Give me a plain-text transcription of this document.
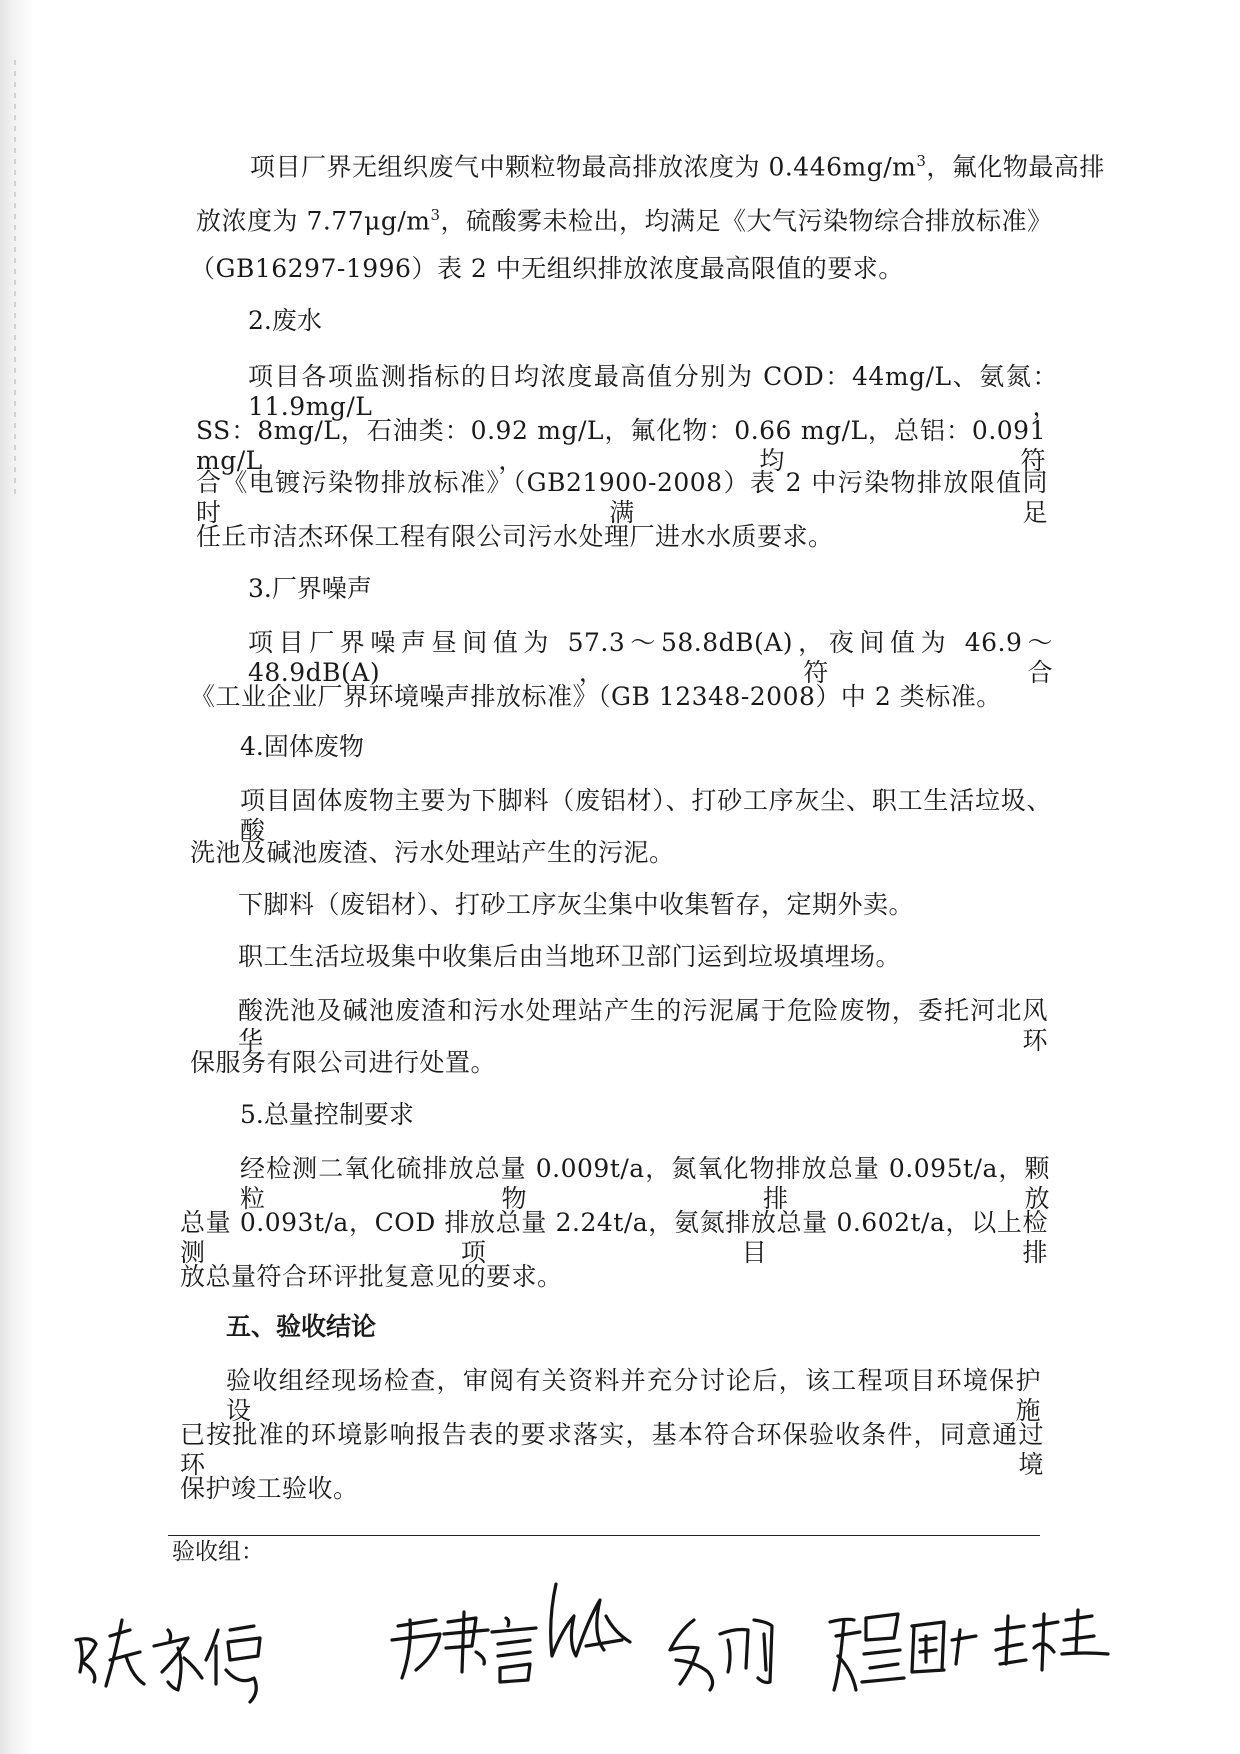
项目厂界无组织废气中颗粒物最高排放浓度为 $0.446mg/m^3$，氟化物最高排
放浓度为 $7.77\mu g/m^3$，硫酸雾未检出，均满足《大气污染物综合排放标准》
（GB16297-1996）表 2 中无组织排放浓度最高限值的要求。
2.废水
项目各项监测指标的日均浓度最高值分别为 COD：44mg/L、氨氮：11.9mg/L，
SS：8mg/L，石油类：0.92 mg/L，氟化物：0.66 mg/L，总铝：0.091 mg/L，均符
合《电镀污染物排放标准》（GB21900-2008）表 2 中污染物排放限值同时满足
任丘市洁杰环保工程有限公司污水处理厂进水水质要求。
3.厂界噪声
项目厂界噪声昼间值为 57.3～58.8dB(A)，夜间值为 46.9～48.9dB(A)，符合
《工业企业厂界环境噪声排放标准》（GB 12348-2008）中 2 类标准。
4.固体废物
项目固体废物主要为下脚料（废铝材）、打砂工序灰尘、职工生活垃圾、酸
洗池及碱池废渣、污水处理站产生的污泥。
下脚料（废铝材）、打砂工序灰尘集中收集暂存，定期外卖。
职工生活垃圾集中收集后由当地环卫部门运到垃圾填埋场。
酸洗池及碱池废渣和污水处理站产生的污泥属于危险废物，委托河北风华环
保服务有限公司进行处置。
5.总量控制要求
经检测二氧化硫排放总量 0.009t/a，氮氧化物排放总量 0.095t/a，颗粒物排放
总量 0.093t/a，COD 排放总量 2.24t/a，氨氮排放总量 0.602t/a，以上检测项目排
放总量符合环评批复意见的要求。
五、验收结论
验收组经现场检查，审阅有关资料并充分讨论后，该工程项目环境保护设施
已按批准的环境影响报告表的要求落实，基本符合环保验收条件，同意通过环境
保护竣工验收。
验收组：
